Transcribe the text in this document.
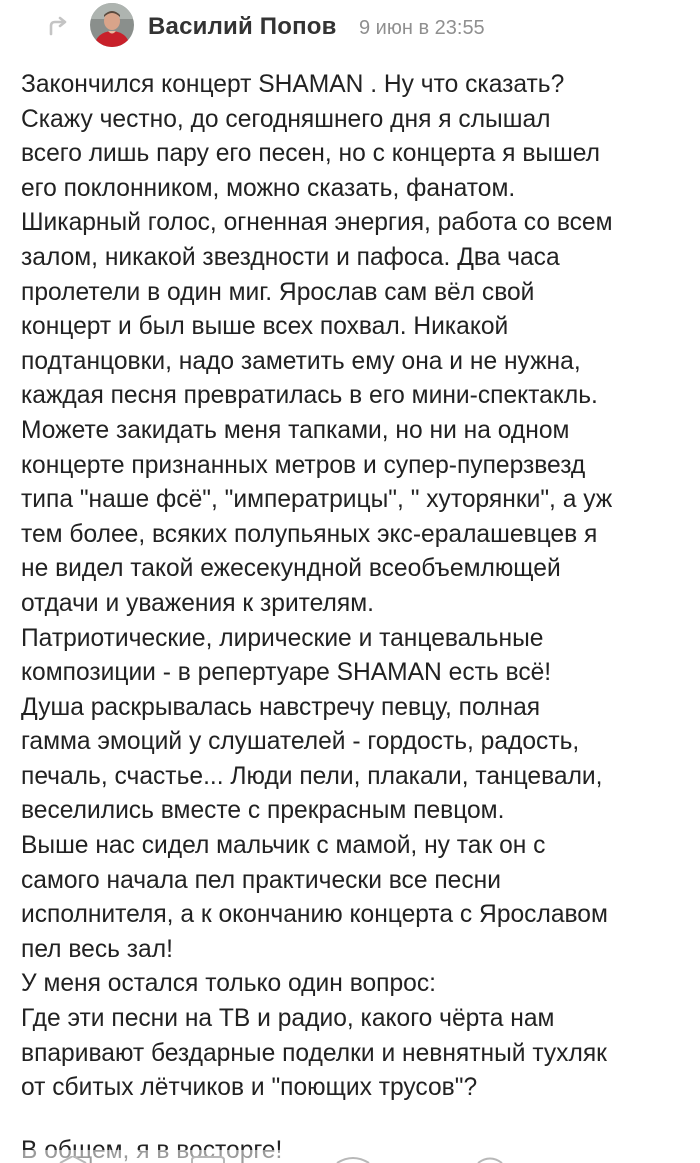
Василий Попов 9 июн в 23:55
Закончился концерт SHAMAN . Ну что сказать?
Скажу честно, до сегодняшнего дня я слышал
всего лишь пару его песен, но с концерта я вышел
его поклонником, можно сказать, фанатом.
Шикарный голос, огненная энергия, работа со всем
залом, никакой звездности и пафоса. Два часа
пролетели в один миг. Ярослав сам вёл свой
концерт и был выше всех похвал. Никакой
подтанцовки, надо заметить ему она и не нужна,
каждая песня превратилась в его мини-спектакль.
Можете закидать меня тапками, но ни на одном
концерте признанных метров и супер-пуперзвезд
типа "наше фсё", "императрицы", " хуторянки", а уж
тем более, всяких полупьяных экс-ералашевцев я
не видел такой ежесекундной всеобъемлющей
отдачи и уважения к зрителям.
Патриотические, лирические и танцевальные
композиции - в репертуаре SHAMAN есть всё!
Душа раскрывалась навстречу певцу, полная
гамма эмоций у слушателей - гордость, радость,
печаль, счастье... Люди пели, плакали, танцевали,
веселились вместе с прекрасным певцом.
Выше нас сидел мальчик с мамой, ну так он с
самого начала пел практически все песни
исполнителя, а к окончанию концерта с Ярославом
пел весь зал!
У меня остался только один вопрос:
Где эти песни на ТВ и радио, какого чёрта нам
впаривают бездарные поделки и невнятный тухляк
от сбитых лётчиков и "поющих трусов"?
